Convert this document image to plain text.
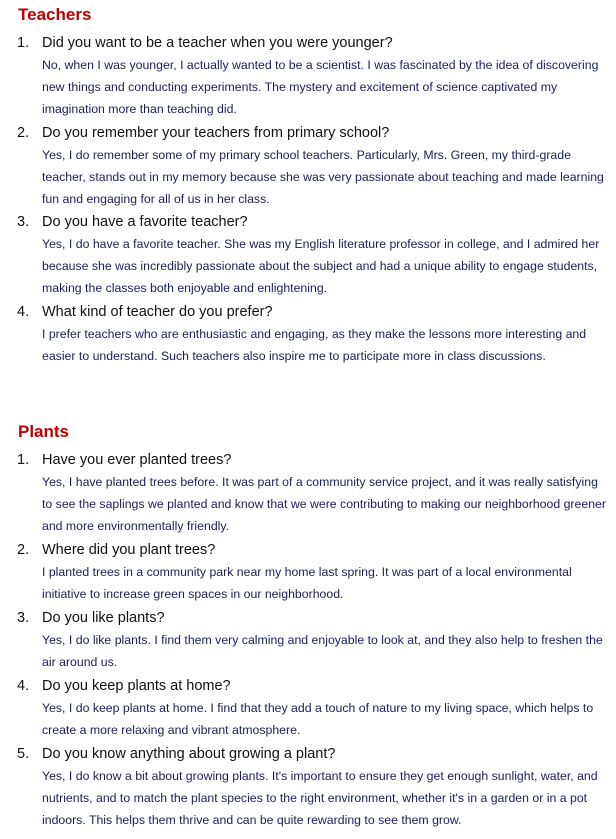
Teachers
1. Did you want to be a teacher when you were younger?

No, when I was younger, I actually wanted to be a scientist. I was fascinated by the idea of discovering new things and conducting experiments. The mystery and excitement of science captivated my imagination more than teaching did.

2. Do you remember your teachers from primary school?

Yes, I do remember some of my primary school teachers. Particularly, Mrs. Green, my third-grade teacher, stands out in my memory because she was very passionate about teaching and made learning fun and engaging for all of us in her class.

3. Do you have a favorite teacher?

Yes, I do have a favorite teacher. She was my English literature professor in college, and I admired her because she was incredibly passionate about the subject and had a unique ability to engage students, making the classes both enjoyable and enlightening.

4. What kind of teacher do you prefer?

I prefer teachers who are enthusiastic and engaging, as they make the lessons more interesting and easier to understand. Such teachers also inspire me to participate more in class discussions.

Plants
1. Have you ever planted trees?

Yes, I have planted trees before. It was part of a community service project, and it was really satisfying to see the saplings we planted and know that we were contributing to making our neighborhood greener and more environmentally friendly.

2. Where did you plant trees?

I planted trees in a community park near my home last spring. It was part of a local environmental initiative to increase green spaces in our neighborhood.

3. Do you like plants?

Yes, I do like plants. I find them very calming and enjoyable to look at, and they also help to freshen the air around us.

4. Do you keep plants at home?

Yes, I do keep plants at home. I find that they add a touch of nature to my living space, which helps to create a more relaxing and vibrant atmosphere.

5. Do you know anything about growing a plant?

Yes, I do know a bit about growing plants. It's important to ensure they get enough sunlight, water, and nutrients, and to match the plant species to the right environment, whether it's in a garden or in a pot indoors. This helps them thrive and can be quite rewarding to see them grow.
